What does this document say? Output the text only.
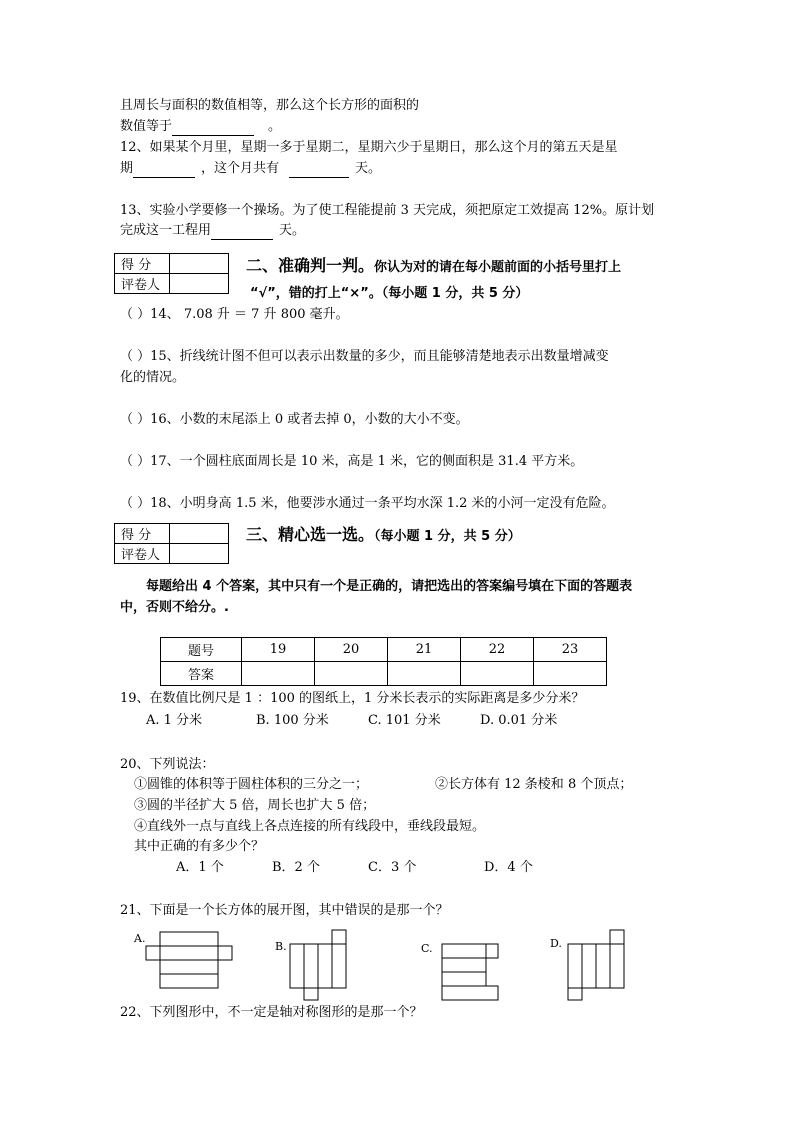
且周长与面积的数值相等，那么这个长方形的面积的
数值等于	。
12、如果某个月里，星期一多于星期二，星期六少于星期日，那么这个月的第五天是星
期	，这个月共有	天。
13、实验小学要修一个操场。为了使工程能提前 3 天完成，须把原定工效提高 12%。原计划
完成这一工程用	天。
得 分	
评卷人	
二、准确判一判。你认为对的请在每小题前面的小括号里打上
“√”，错的打上“×”。（每小题 1 分，共 5 分）
（ ）14、 7.08 升 ＝ 7 升 800 毫升。
（ ）15、折线统计图不但可以表示出数量的多少，而且能够清楚地表示出数量增减变
化的情况。
（ ）16、小数的末尾添上 0 或者去掉 0，小数的大小不变。
（ ）17、一个圆柱底面周长是 10 米，高是 1 米，它的侧面积是 31.4 平方米。
（ ）18、小明身高 1.5 米，他要涉水通过一条平均水深 1.2 米的小河一定没有危险。
得 分	
评卷人	
三、精心选一选。（每小题 1 分，共 5 分）
每题给出 4 个答案，其中只有一个是正确的，请把选出的答案编号填在下面的答题表
中，否则不给分。.
题号	19	20	21	22	23
答案					
19、在数值比例尺是 1 ：100 的图纸上，1 分米长表示的实际距离是多少分米？
A. 1 分米	B. 100 分米	C. 101 分米	D. 0.01 分米
20、下列说法：
①圆锥的体积等于圆柱体积的三分之一；	②长方体有 12 条棱和 8 个顶点；
③圆的半径扩大 5 倍，周长也扩大 5 倍；
④直线外一点与直线上各点连接的所有线段中，垂线段最短。
其中正确的有多少个？
A．1 个	B．2 个	C．3 个	D．4 个
21、下面是一个长方体的展开图，其中错误的是那一个？
A.
B.	C.	D.
22、下列图形中，不一定是轴对称图形的是那一个？
